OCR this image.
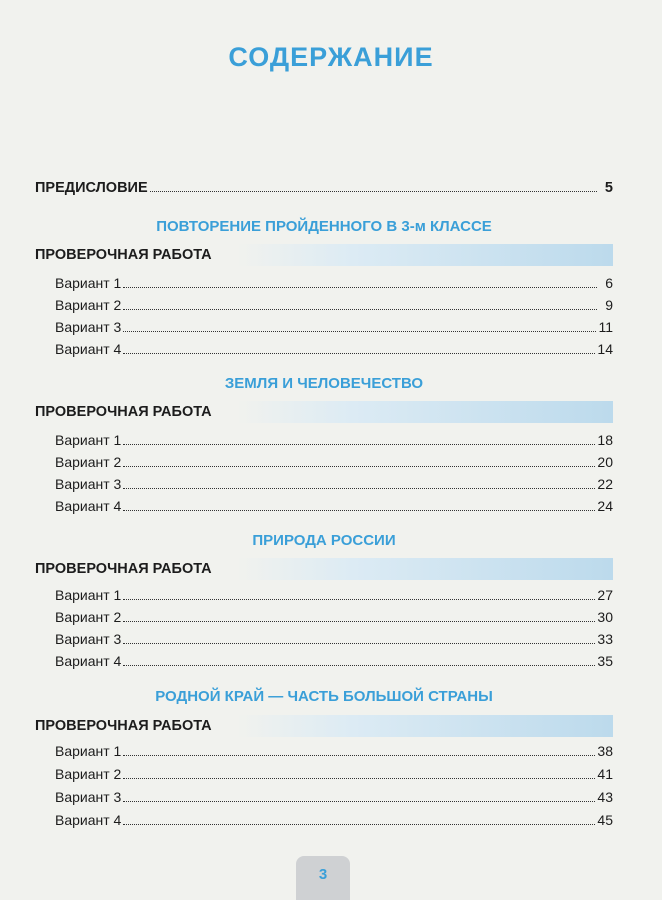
СОДЕРЖАНИЕ
ПРЕДИСЛОВИЕ	5
ПОВТОРЕНИЕ ПРОЙДЕННОГО В 3-м КЛАССЕ
ПРОВЕРОЧНАЯ РАБОТА
Вариант 1	6
Вариант 2	9
Вариант 3	11
Вариант 4	14
ЗЕМЛЯ И ЧЕЛОВЕЧЕСТВО
ПРОВЕРОЧНАЯ РАБОТА
Вариант 1	18
Вариант 2	20
Вариант 3	22
Вариант 4	24
ПРИРОДА РОССИИ
ПРОВЕРОЧНАЯ РАБОТА
Вариант 1	27
Вариант 2	30
Вариант 3	33
Вариант 4	35
РОДНОЙ КРАЙ — ЧАСТЬ БОЛЬШОЙ СТРАНЫ
ПРОВЕРОЧНАЯ РАБОТА
Вариант 1	38
Вариант 2	41
Вариант 3	43
Вариант 4	45
3
